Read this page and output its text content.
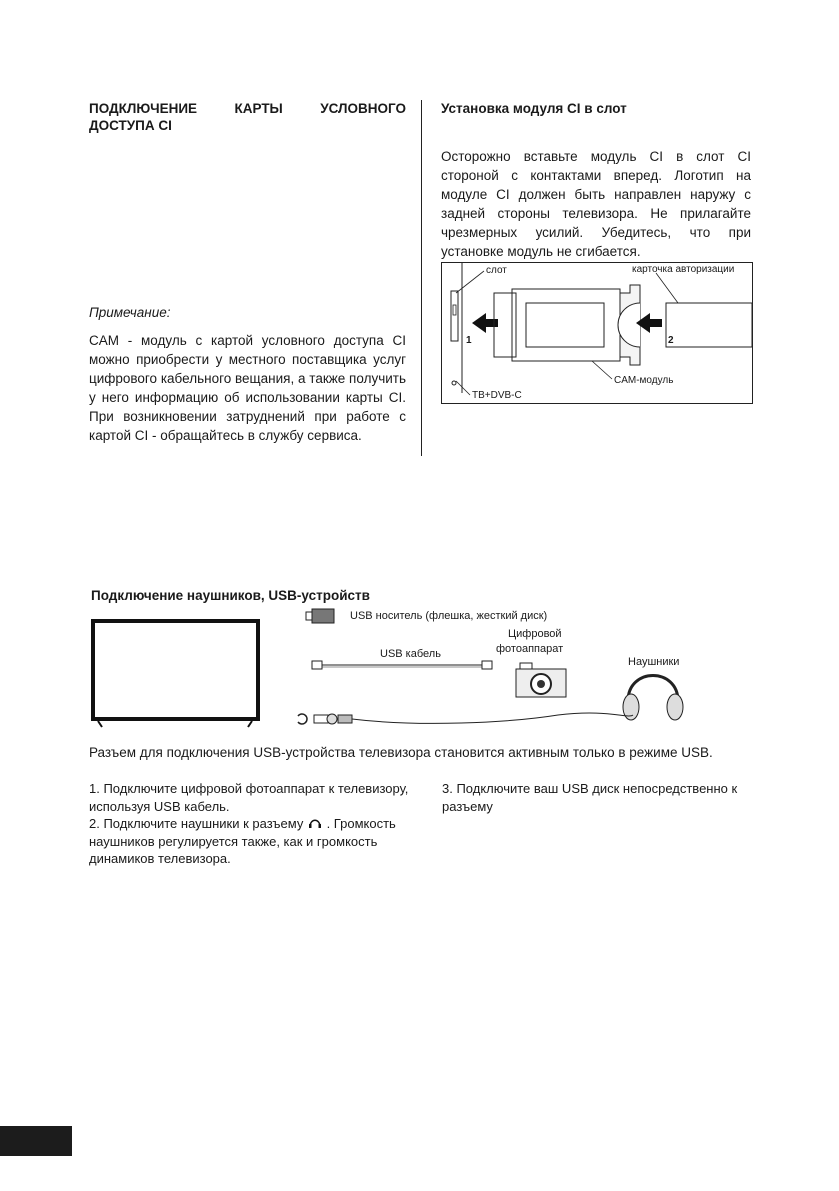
ПОДКЛЮЧЕНИЕ	КАРТЫ	УСЛОВНОГО
ДОСТУПА CI
Примечание:
CAM - модуль с картой условного доступа CI можно приобрести у местного поставщика услуг цифрового кабельного вещания, а также получить у него информацию об использовании карты CI. При возникновении затруднений при работе с картой CI - обращайтесь в службу сервиса.
Установка модуля CI в слот
Осторожно вставьте модуль CI в слот CI стороной с контактами вперед. Логотип на модуле CI должен быть направлен наружу с задней стороны телевизора. Не прилагайте чрезмерных усилий. Убедитесь, что при установке модуль не сгибается.
слот	карточка авторизации
CAM-модуль
ТВ+DVB-C
1	2
Подключение наушников, USB-устройств
USB носитель (флешка, жесткий диск)
USB кабель
Цифровой
фотоаппарат
Наушники
Разъем для подключения USB-устройства телевизора становится активным только в режиме USB.
1. Подключите цифровой фотоаппарат к телевизору, используя USB кабель.
2. Подключите наушники к разъему . Громкость наушников регулируется также, как и громкость динамиков телевизора.
3. Подключите ваш USB диск непосредственно к разъему
